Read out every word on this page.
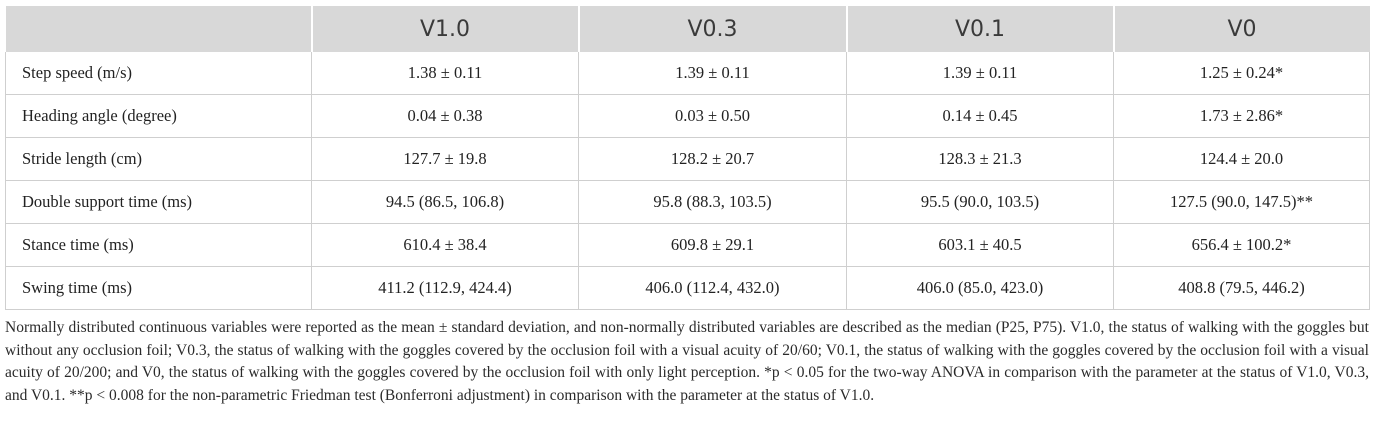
	V1.0	V0.3	V0.1	V0
Step speed (m/s)	1.38 ± 0.11	1.39 ± 0.11	1.39 ± 0.11	1.25 ± 0.24*
Heading angle (degree)	0.04 ± 0.38	0.03 ± 0.50	0.14 ± 0.45	1.73 ± 2.86*
Stride length (cm)	127.7 ± 19.8	128.2 ± 20.7	128.3 ± 21.3	124.4 ± 20.0
Double support time (ms)	94.5 (86.5, 106.8)	95.8 (88.3, 103.5)	95.5 (90.0, 103.5)	127.5 (90.0, 147.5)**
Stance time (ms)	610.4 ± 38.4	609.8 ± 29.1	603.1 ± 40.5	656.4 ± 100.2*
Swing time (ms)	411.2 (112.9, 424.4)	406.0 (112.4, 432.0)	406.0 (85.0, 423.0)	408.8 (79.5, 446.2)

Normally distributed continuous variables were reported as the mean ± standard deviation, and non-normally distributed variables are described as the median (P25, P75). V1.0, the status of walking with the goggles but without any occlusion foil; V0.3, the status of walking with the goggles covered by the occlusion foil with a visual acuity of 20/60; V0.1, the status of walking with the goggles covered by the occlusion foil with a visual acuity of 20/200; and V0, the status of walking with the goggles covered by the occlusion foil with only light perception. *p < 0.05 for the two-way ANOVA in comparison with the parameter at the status of V1.0, V0.3, and V0.1. **p < 0.008 for the non-parametric Friedman test (Bonferroni adjustment) in comparison with the parameter at the status of V1.0.
